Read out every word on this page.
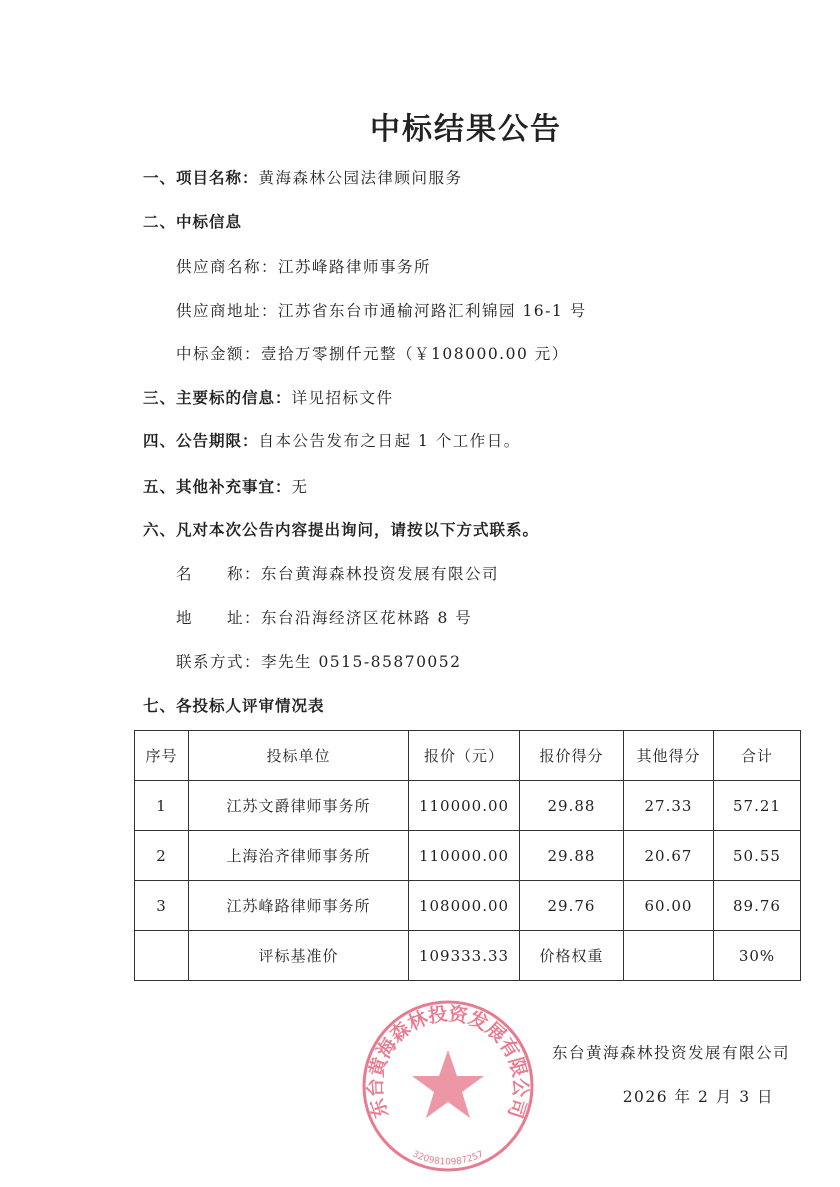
中标结果公告
一、项目名称：黄海森林公园法律顾问服务
二、中标信息
供应商名称：江苏峰路律师事务所
供应商地址：江苏省东台市通榆河路汇利锦园 16-1 号
中标金额：壹拾万零捌仟元整（￥108000.00 元）
三、主要标的信息：详见招标文件
四、公告期限：自本公告发布之日起 1 个工作日。
五、其他补充事宜：无
六、凡对本次公告内容提出询问，请按以下方式联系。
名　　称：东台黄海森林投资发展有限公司
地　　址：东台沿海经济区花林路 8 号
联系方式：李先生 0515-85870052
七、各投标人评审情况表
序号	投标单位	报价（元）	报价得分	其他得分	合计
1	江苏文爵律师事务所	110000.00	29.88	27.33	57.21
2	上海治齐律师事务所	110000.00	29.88	20.67	50.55
3	江苏峰路律师事务所	108000.00	29.76	60.00	89.76
	评标基准价	109333.33	价格权重		30%
东台黄海森林投资发展有限公司
3209810987257
东台黄海森林投资发展有限公司
2026 年 2 月 3 日
